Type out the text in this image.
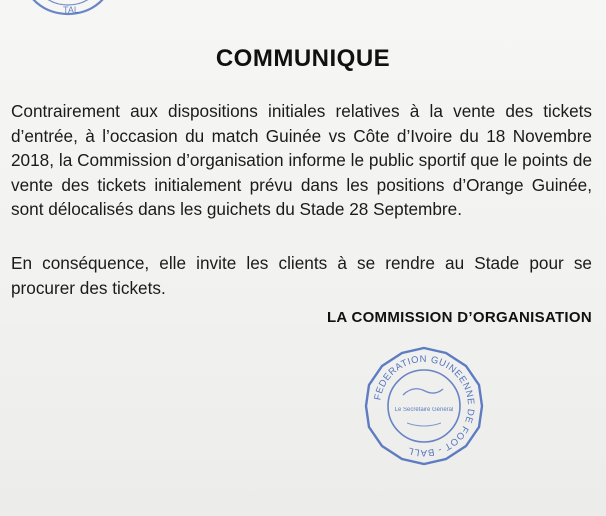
TAL
COMMUNIQUE

Contrairement aux dispositions initiales relatives à la vente des tickets d’entrée, à l’occasion du match Guinée vs Côte d’Ivoire du 18 Novembre 2018, la Commission d’organisation informe le public sportif que le points de vente des tickets initialement prévu dans les positions d’Orange Guinée, sont délocalisés dans les guichets du Stade 28 Septembre.

En conséquence, elle invite les clients à se rendre au Stade pour se procurer des tickets.

LA COMMISSION D’ORGANISATION
FEDERATION GUINEENNE DE FOOT - BALL
Le Secrétaire Général
